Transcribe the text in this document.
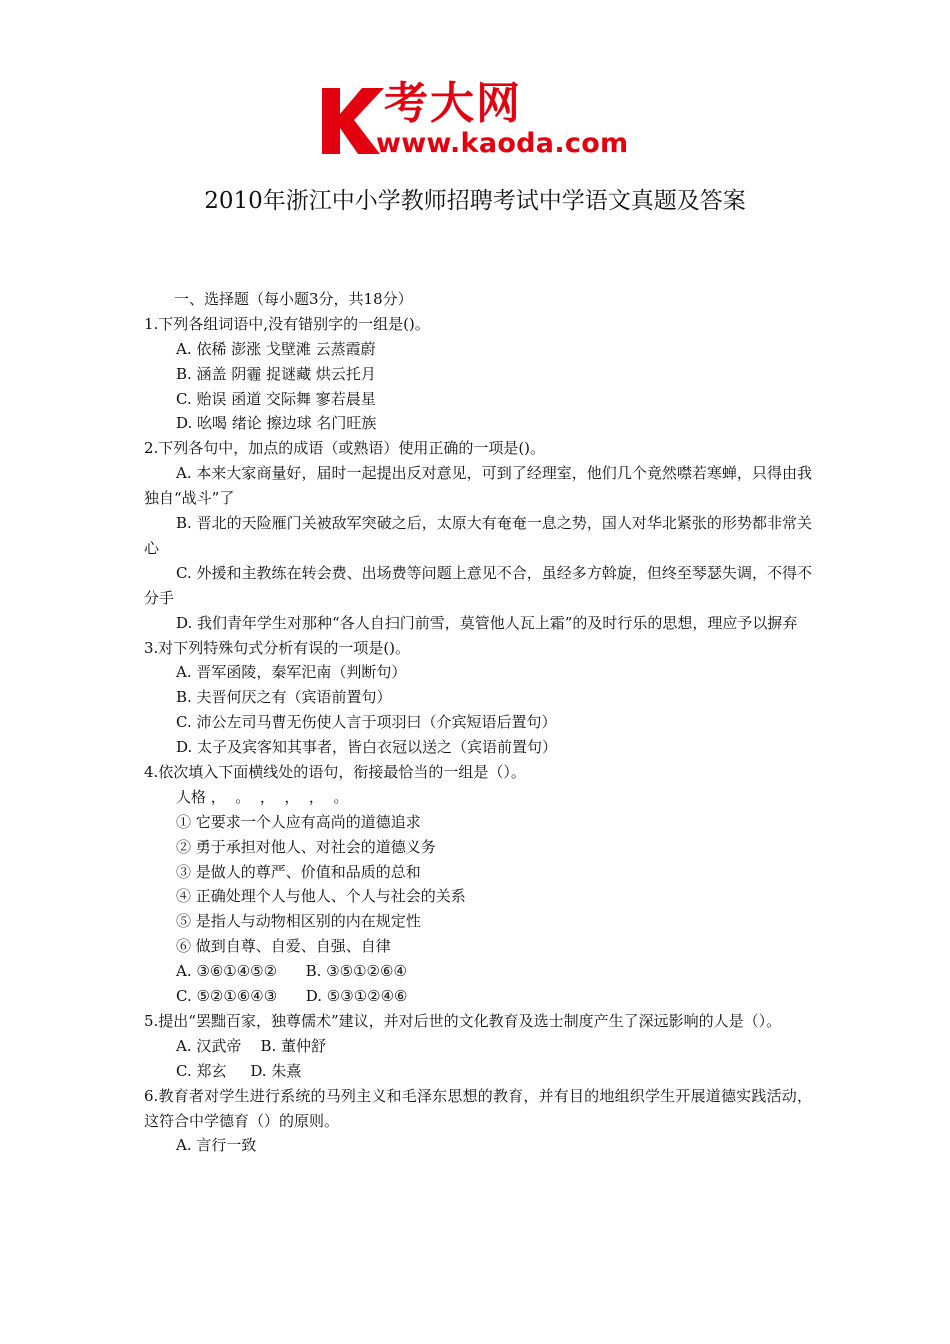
考大网
www.kaoda.com
2010年浙江中小学教师招聘考试中学语文真题及答案
一、选择题（每小题3分，共18分）
1.下列各组词语中,没有错别字的一组是()。
A. 依稀 澎涨 戈壁滩 云蒸霞蔚
B. 涵盖 阴霾 捉谜藏 烘云托月
C. 贻误 函道 交际舞 寥若晨星
D. 吆喝 绪论 擦边球 名门旺族
2.下列各句中，加点的成语（或熟语）使用正确的一项是()。
A. 本来大家商量好，届时一起提出反对意见，可到了经理室，他们几个竟然噤若寒蝉，只得由我独自“战斗”了
B. 晋北的天险雁门关被敌军突破之后，太原大有奄奄一息之势，国人对华北紧张的形势都非常关心
C. 外援和主教练在转会费、出场费等问题上意见不合，虽经多方斡旋，但终至琴瑟失调，不得不分手
D. 我们青年学生对那种“各人自扫门前雪，莫管他人瓦上霜”的及时行乐的思想，理应予以摒弃
3.对下列特殊句式分析有误的一项是()。
A. 晋军函陵，秦军汜南（判断句）
B. 夫晋何厌之有（宾语前置句）
C. 沛公左司马曹无伤使人言于项羽曰（介宾短语后置句）
D. 太子及宾客知其事者，皆白衣冠以送之（宾语前置句）
4.依次填入下面横线处的语句，衔接最恰当的一组是（）。
人格 ，  。  ，  ，  ，  。
① 它要求一个人应有高尚的道德追求
② 勇于承担对他人、对社会的道德义务
③ 是做人的尊严、价值和品质的总和
④ 正确处理个人与他人、个人与社会的关系
⑤ 是指人与动物相区别的内在规定性
⑥ 做到自尊、自爱、自强、自律
A. ③⑥①④⑤②      B. ③⑤①②⑥④
C. ⑤②①⑥④③      D. ⑤③①②④⑥
5.提出“罢黜百家，独尊儒术”建议，并对后世的文化教育及选士制度产生了深远影响的人是（）。
A. 汉武帝    B. 董仲舒
C. 郑玄     D. 朱熹
6.教育者对学生进行系统的马列主义和毛泽东思想的教育，并有目的地组织学生开展道德实践活动，这符合中学德育（）的原则。
A. 言行一致
